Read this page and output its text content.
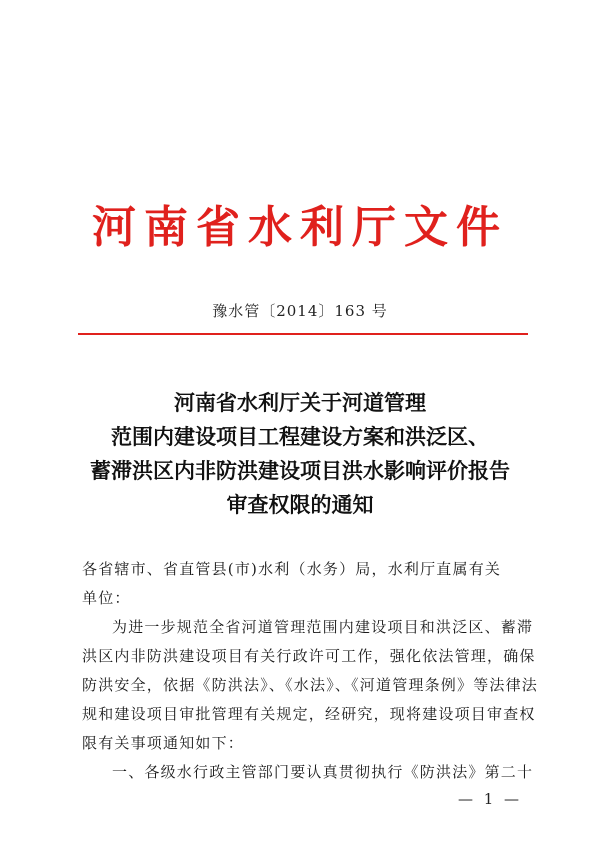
河南省水利厅文件
豫水管〔2014〕163 号
河南省水利厅关于河道管理
范围内建设项目工程建设方案和洪泛区、
蓄滞洪区内非防洪建设项目洪水影响评价报告
审查权限的通知

各省辖市、省直管县(市)水利（水务）局，水利厅直属有关
单位：

为进一步规范全省河道管理范围内建设项目和洪泛区、蓄滞
洪区内非防洪建设项目有关行政许可工作，强化依法管理，确保
防洪安全，依据《防洪法》、《水法》、《河道管理条例》等法律法
规和建设项目审批管理有关规定，经研究，现将建设项目审查权
限有关事项通知如下：

一、各级水行政主管部门要认真贯彻执行《防洪法》第二十

— 1 —
